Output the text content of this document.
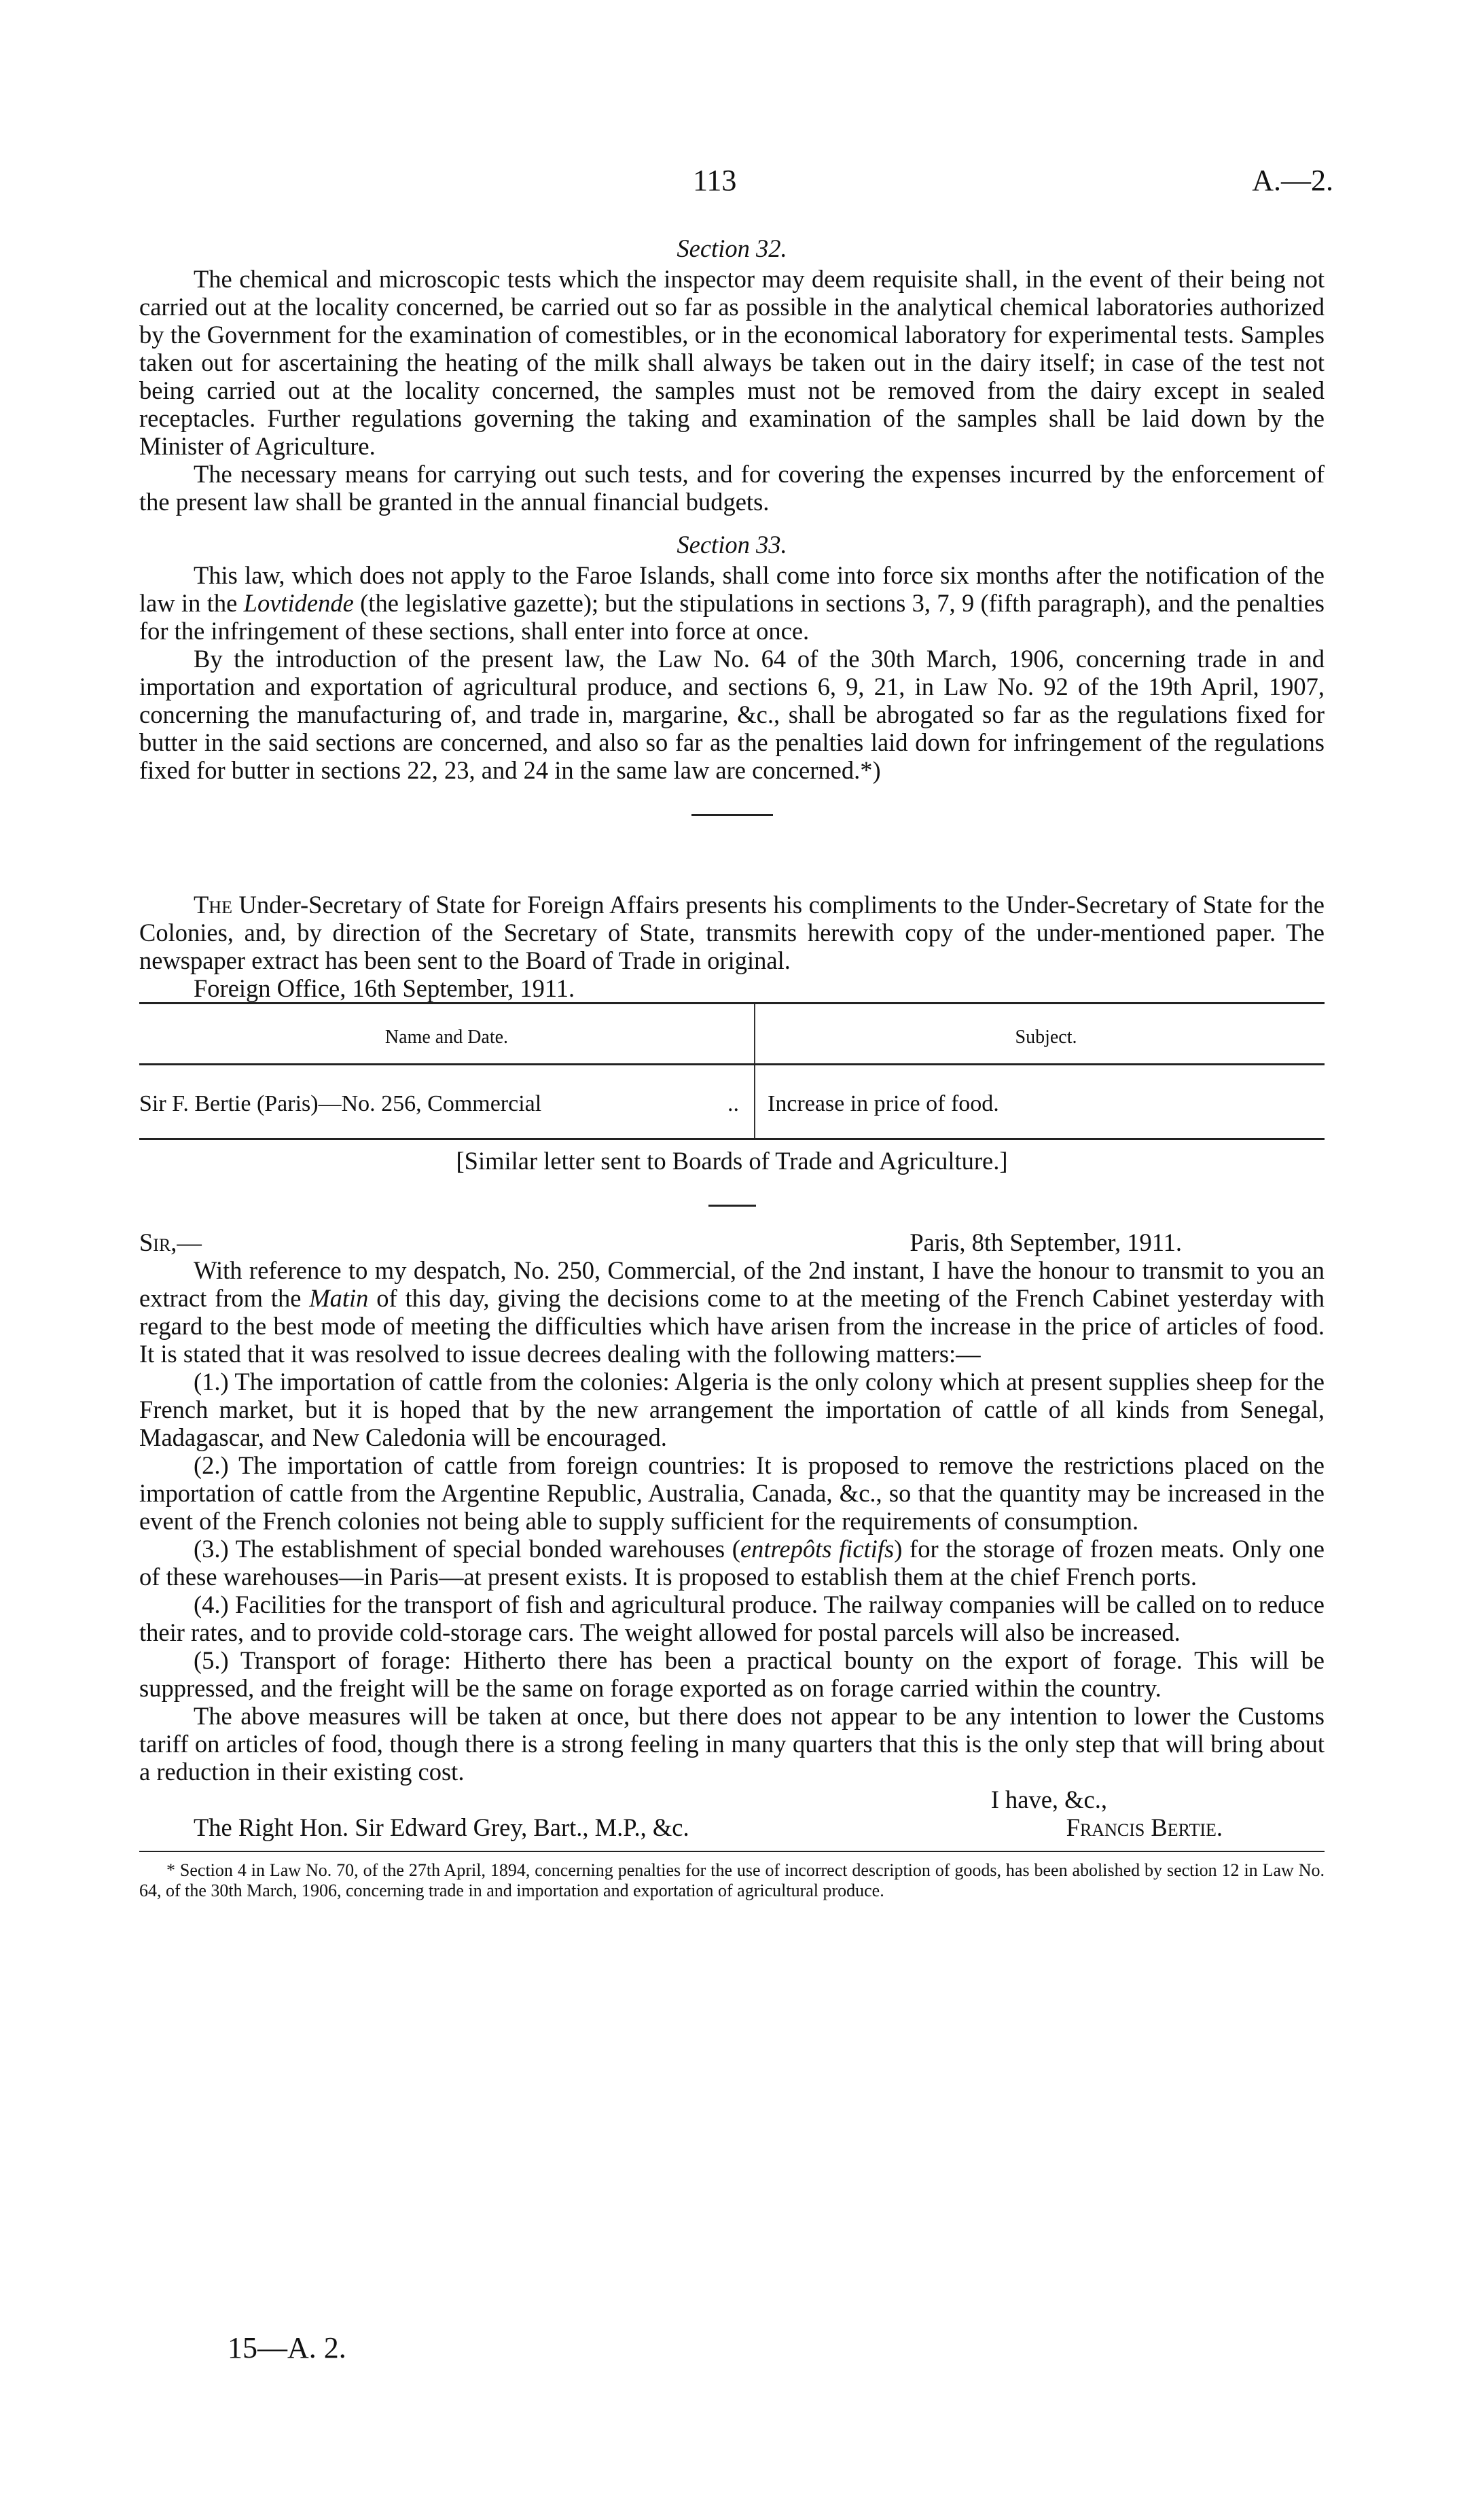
113	A.—2.
Section 32.

The chemical and microscopic tests which the inspector may deem requisite shall, in the event of their being not carried out at the locality concerned, be carried out so far as possible in the analytical chemical laboratories authorized by the Government for the examination of comestibles, or in the economical laboratory for experimental tests. Samples taken out for ascertaining the heating of the milk shall always be taken out in the dairy itself; in case of the test not being carried out at the locality concerned, the samples must not be removed from the dairy except in sealed receptacles. Further regulations governing the taking and examination of the samples shall be laid down by the Minister of Agriculture.

The necessary means for carrying out such tests, and for covering the expenses incurred by the enforcement of the present law shall be granted in the annual financial budgets.

Section 33.

This law, which does not apply to the Faroe Islands, shall come into force six months after the notification of the law in the Lovtidende (the legislative gazette); but the stipulations in sections 3, 7, 9 (fifth paragraph), and the penalties for the infringement of these sections, shall enter into force at once.

By the introduction of the present law, the Law No. 64 of the 30th March, 1906, concerning trade in and importation and exportation of agricultural produce, and sections 6, 9, 21, in Law No. 92 of the 19th April, 1907, concerning the manufacturing of, and trade in, margarine, &c., shall be abrogated so far as the regulations fixed for butter in the said sections are concerned, and also so far as the penalties laid down for infringement of the regulations fixed for butter in sections 22, 23, and 24 in the same law are concerned.*)

The Under-Secretary of State for Foreign Affairs presents his compliments to the Under-Secretary of State for the Colonies, and, by direction of the Secretary of State, transmits herewith copy of the under-mentioned paper. The newspaper extract has been sent to the Board of Trade in original.

Foreign Office, 16th September, 1911.

Name and Date.	Subject.
Sir F. Bertie (Paris)—No. 256, Commercial ..	Increase in price of food.

[Similar letter sent to Boards of Trade and Agriculture.]

Sir,—	Paris, 8th September, 1911.

With reference to my despatch, No. 250, Commercial, of the 2nd instant, I have the honour to transmit to you an extract from the Matin of this day, giving the decisions come to at the meeting of the French Cabinet yesterday with regard to the best mode of meeting the difficulties which have arisen from the increase in the price of articles of food. It is stated that it was resolved to issue decrees dealing with the following matters:—

(1.) The importation of cattle from the colonies: Algeria is the only colony which at present supplies sheep for the French market, but it is hoped that by the new arrangement the importation of cattle of all kinds from Senegal, Madagascar, and New Caledonia will be encouraged.

(2.) The importation of cattle from foreign countries: It is proposed to remove the restrictions placed on the importation of cattle from the Argentine Republic, Australia, Canada, &c., so that the quantity may be increased in the event of the French colonies not being able to supply sufficient for the requirements of consumption.

(3.) The establishment of special bonded warehouses (entrepôts fictifs) for the storage of frozen meats. Only one of these warehouses—in Paris—at present exists. It is proposed to establish them at the chief French ports.

(4.) Facilities for the transport of fish and agricultural produce. The railway companies will be called on to reduce their rates, and to provide cold-storage cars. The weight allowed for postal parcels will also be increased.

(5.) Transport of forage: Hitherto there has been a practical bounty on the export of forage. This will be suppressed, and the freight will be the same on forage exported as on forage carried within the country.

The above measures will be taken at once, but there does not appear to be any intention to lower the Customs tariff on articles of food, though there is a strong feeling in many quarters that this is the only step that will bring about a reduction in their existing cost.

I have, &c.,
The Right Hon. Sir Edward Grey, Bart., M.P., &c.	Francis Bertie.

* Section 4 in Law No. 70, of the 27th April, 1894, concerning penalties for the use of incorrect description of goods, has been abolished by section 12 in Law No. 64, of the 30th March, 1906, concerning trade in and importation and exportation of agricultural produce.

15—A. 2.
